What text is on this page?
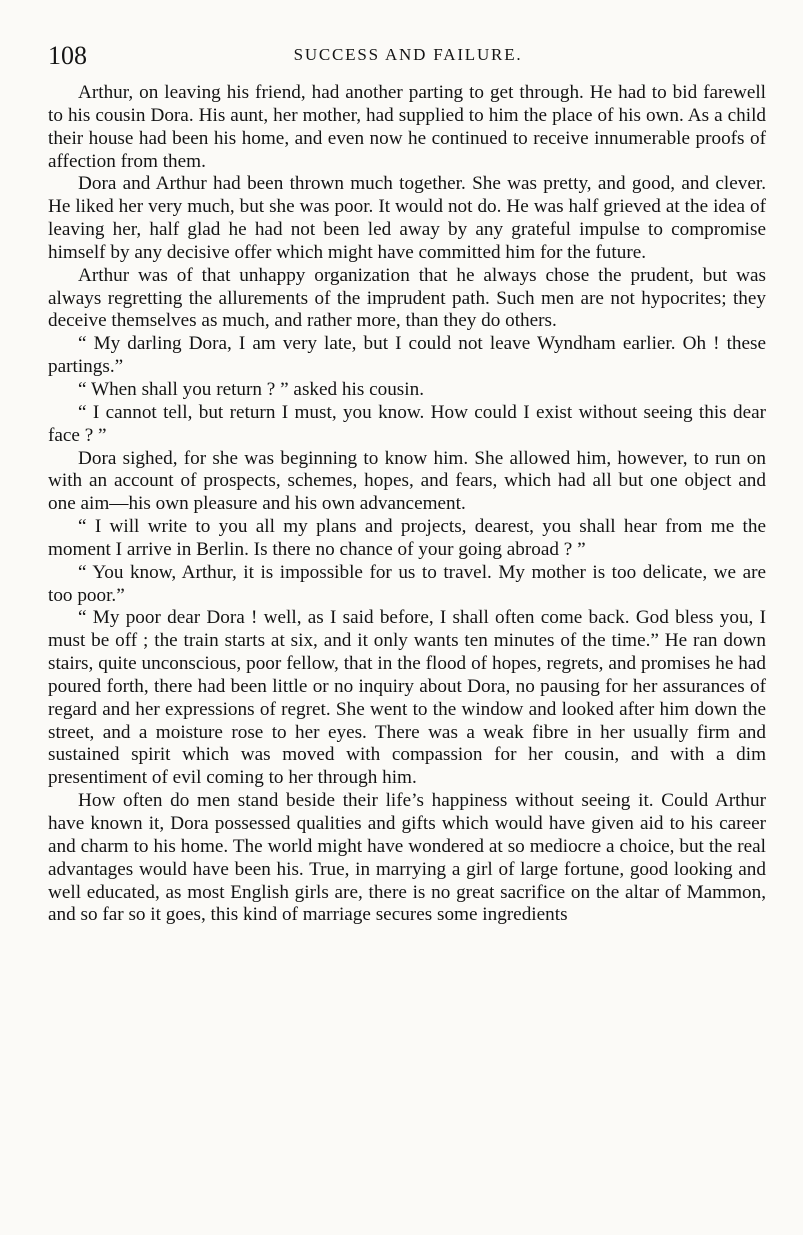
108	SUCCESS AND FAILURE.

Arthur, on leaving his friend, had another parting to get through. He had to bid farewell to his cousin Dora. His aunt, her mother, had supplied to him the place of his own. As a child their house had been his home, and even now he continued to receive innumerable proofs of affection from them.

Dora and Arthur had been thrown much together. She was pretty, and good, and clever. He liked her very much, but she was poor. It would not do. He was half grieved at the idea of leaving her, half glad he had not been led away by any grateful impulse to compromise himself by any decisive offer which might have committed him for the future.

Arthur was of that unhappy organization that he always chose the prudent, but was always regretting the allurements of the imprudent path. Such men are not hypocrites; they deceive themselves as much, and rather more, than they do others.

“ My darling Dora, I am very late, but I could not leave Wyndham earlier. Oh ! these partings.”

“ When shall you return ? ” asked his cousin.

“ I cannot tell, but return I must, you know. How could I exist without seeing this dear face ? ”

Dora sighed, for she was beginning to know him. She allowed him, however, to run on with an account of prospects, schemes, hopes, and fears, which had all but one object and one aim—his own pleasure and his own advancement.

“ I will write to you all my plans and projects, dearest, you shall hear from me the moment I arrive in Berlin. Is there no chance of your going abroad ? ”

“ You know, Arthur, it is impossible for us to travel. My mother is too delicate, we are too poor.”

“ My poor dear Dora ! well, as I said before, I shall often come back. God bless you, I must be off ; the train starts at six, and it only wants ten minutes of the time.” He ran down stairs, quite unconscious, poor fellow, that in the flood of hopes, regrets, and promises he had poured forth, there had been little or no inquiry about Dora, no pausing for her assurances of regard and her expressions of regret. She went to the window and looked after him down the street, and a moisture rose to her eyes. There was a weak fibre in her usually firm and sustained spirit which was moved with compassion for her cousin, and with a dim presentiment of evil coming to her through him.

How often do men stand beside their life’s happiness without seeing it. Could Arthur have known it, Dora possessed qualities and gifts which would have given aid to his career and charm to his home. The world might have wondered at so mediocre a choice, but the real advantages would have been his. True, in marrying a girl of large fortune, good looking and well educated, as most English girls are, there is no great sacrifice on the altar of Mammon, and so far so it goes, this kind of marriage secures some ingredients
